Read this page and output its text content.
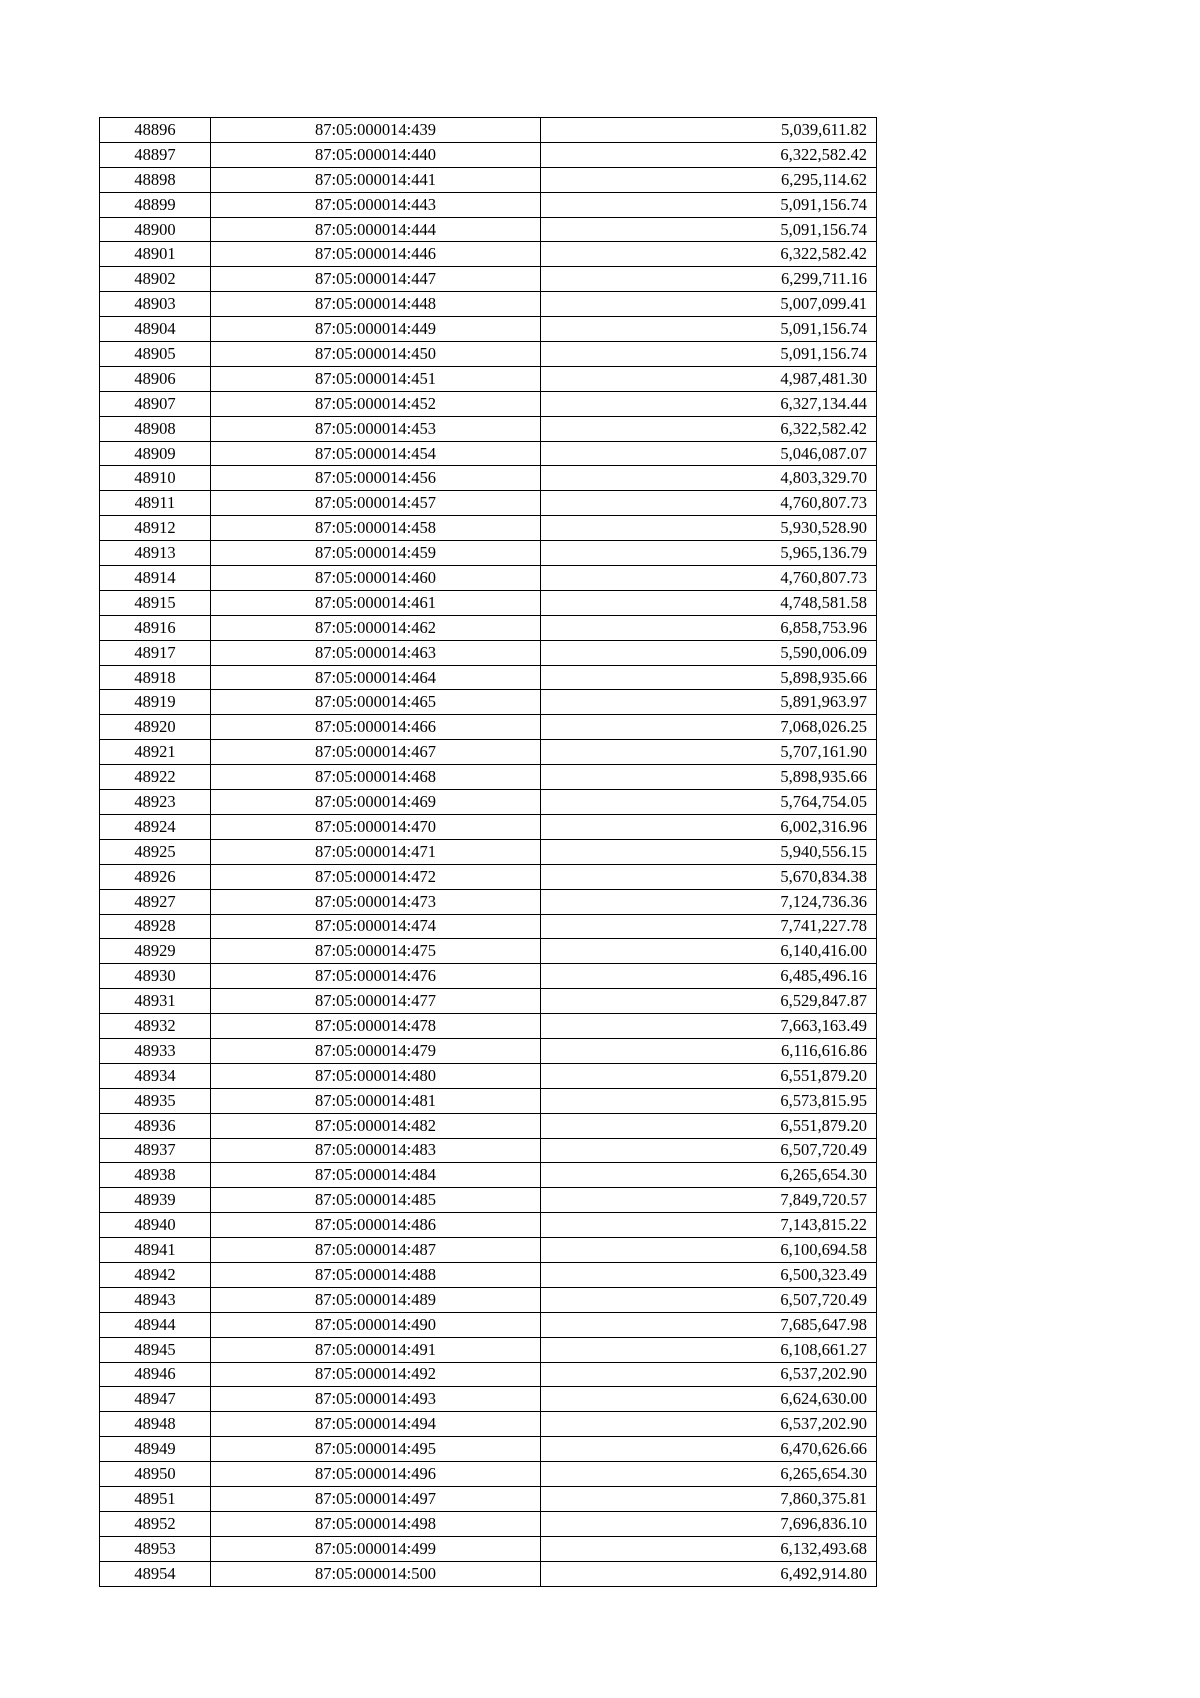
48896	87:05:000014:439	5,039,611.82
48897	87:05:000014:440	6,322,582.42
48898	87:05:000014:441	6,295,114.62
48899	87:05:000014:443	5,091,156.74
48900	87:05:000014:444	5,091,156.74
48901	87:05:000014:446	6,322,582.42
48902	87:05:000014:447	6,299,711.16
48903	87:05:000014:448	5,007,099.41
48904	87:05:000014:449	5,091,156.74
48905	87:05:000014:450	5,091,156.74
48906	87:05:000014:451	4,987,481.30
48907	87:05:000014:452	6,327,134.44
48908	87:05:000014:453	6,322,582.42
48909	87:05:000014:454	5,046,087.07
48910	87:05:000014:456	4,803,329.70
48911	87:05:000014:457	4,760,807.73
48912	87:05:000014:458	5,930,528.90
48913	87:05:000014:459	5,965,136.79
48914	87:05:000014:460	4,760,807.73
48915	87:05:000014:461	4,748,581.58
48916	87:05:000014:462	6,858,753.96
48917	87:05:000014:463	5,590,006.09
48918	87:05:000014:464	5,898,935.66
48919	87:05:000014:465	5,891,963.97
48920	87:05:000014:466	7,068,026.25
48921	87:05:000014:467	5,707,161.90
48922	87:05:000014:468	5,898,935.66
48923	87:05:000014:469	5,764,754.05
48924	87:05:000014:470	6,002,316.96
48925	87:05:000014:471	5,940,556.15
48926	87:05:000014:472	5,670,834.38
48927	87:05:000014:473	7,124,736.36
48928	87:05:000014:474	7,741,227.78
48929	87:05:000014:475	6,140,416.00
48930	87:05:000014:476	6,485,496.16
48931	87:05:000014:477	6,529,847.87
48932	87:05:000014:478	7,663,163.49
48933	87:05:000014:479	6,116,616.86
48934	87:05:000014:480	6,551,879.20
48935	87:05:000014:481	6,573,815.95
48936	87:05:000014:482	6,551,879.20
48937	87:05:000014:483	6,507,720.49
48938	87:05:000014:484	6,265,654.30
48939	87:05:000014:485	7,849,720.57
48940	87:05:000014:486	7,143,815.22
48941	87:05:000014:487	6,100,694.58
48942	87:05:000014:488	6,500,323.49
48943	87:05:000014:489	6,507,720.49
48944	87:05:000014:490	7,685,647.98
48945	87:05:000014:491	6,108,661.27
48946	87:05:000014:492	6,537,202.90
48947	87:05:000014:493	6,624,630.00
48948	87:05:000014:494	6,537,202.90
48949	87:05:000014:495	6,470,626.66
48950	87:05:000014:496	6,265,654.30
48951	87:05:000014:497	7,860,375.81
48952	87:05:000014:498	7,696,836.10
48953	87:05:000014:499	6,132,493.68
48954	87:05:000014:500	6,492,914.80
